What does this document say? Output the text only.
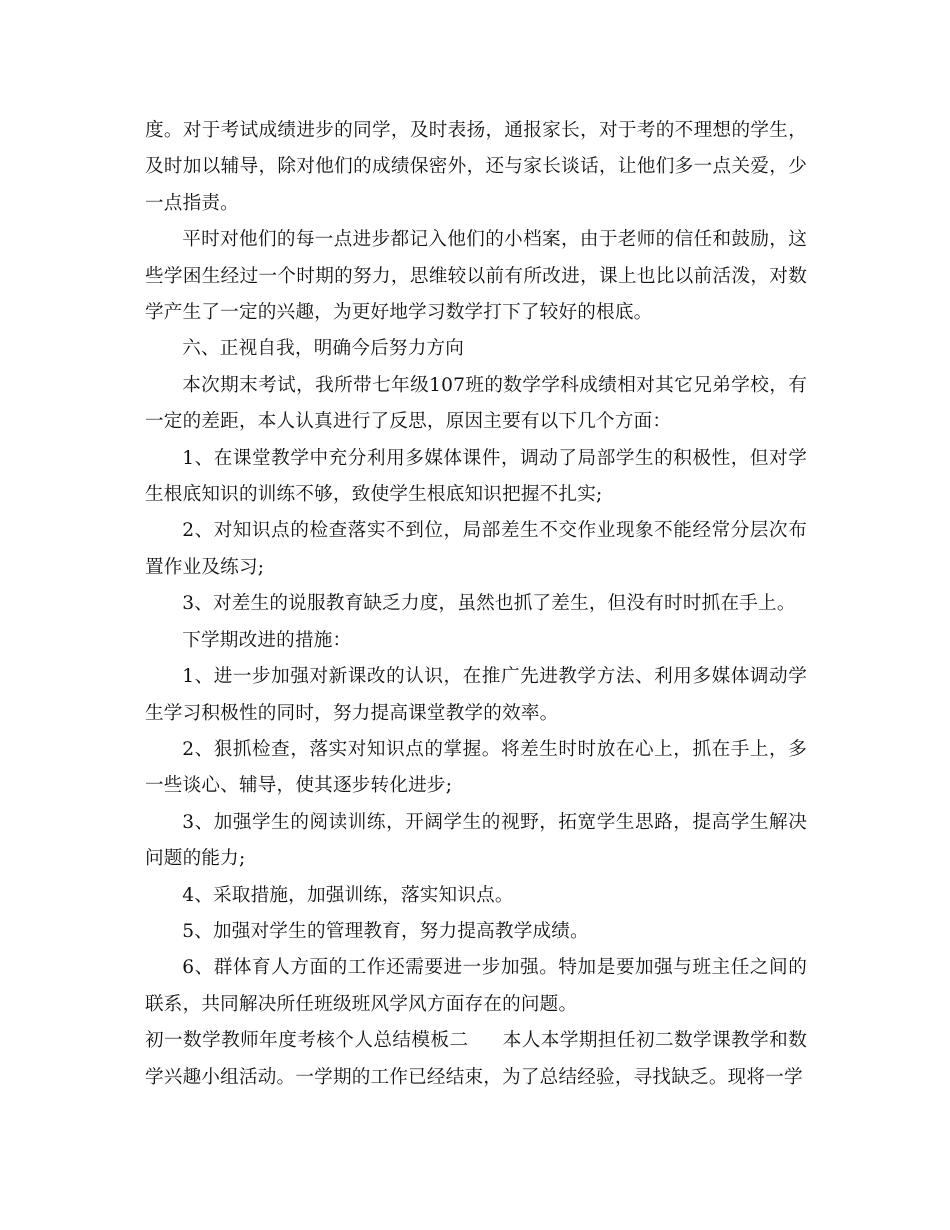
度。对于考试成绩进步的同学，及时表扬，通报家长，对于考的不理想的学生，及时加以辅导，除对他们的成绩保密外，还与家长谈话，让他们多一点关爱，少一点指责。

平时对他们的每一点进步都记入他们的小档案，由于老师的信任和鼓励，这些学困生经过一个时期的努力，思维较以前有所改进，课上也比以前活泼，对数学产生了一定的兴趣，为更好地学习数学打下了较好的根底。

六、正视自我，明确今后努力方向

本次期末考试，我所带七年级107班的数学学科成绩相对其它兄弟学校，有一定的差距，本人认真进行了反思，原因主要有以下几个方面：

1、在课堂教学中充分利用多媒体课件，调动了局部学生的积极性，但对学生根底知识的训练不够，致使学生根底知识把握不扎实;

2、对知识点的检查落实不到位，局部差生不交作业现象不能经常分层次布置作业及练习;

3、对差生的说服教育缺乏力度，虽然也抓了差生，但没有时时抓在手上。

下学期改进的措施：

1、进一步加强对新课改的认识，在推广先进教学方法、利用多媒体调动学生学习积极性的同时，努力提高课堂教学的效率。

2、狠抓检查，落实对知识点的掌握。将差生时时放在心上，抓在手上，多一些谈心、辅导，使其逐步转化进步;

3、加强学生的阅读训练，开阔学生的视野，拓宽学生思路，提高学生解决问题的能力;

4、采取措施，加强训练，落实知识点。

5、加强对学生的管理教育，努力提高教学成绩。

6、群体育人方面的工作还需要进一步加强。特加是要加强与班主任之间的联系，共同解决所任班级班风学风方面存在的问题。

初一数学教师年度考核个人总结模板二 本人本学期担任初二数学课教学和数学兴趣小组活动。一学期的工作已经结束，为了总结经验，寻找缺乏。现将一学
